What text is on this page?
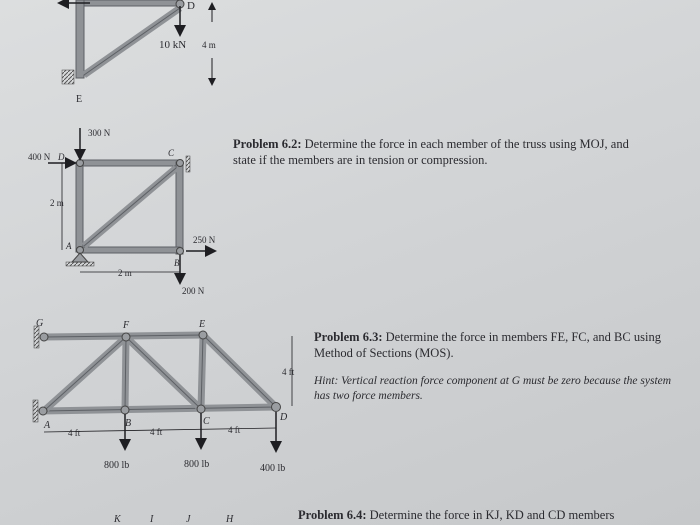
D
10 kN 4 m
E
300 N
400 N D	C
2 m
A
250 N
B
2 m
200 N
G	F	E
A	B	C	D
4 ft	4 ft	4 ft
4 ft
800 lb	800 lb	400 lb
K	I	J	H
Problem 6.2: Determine the force in each member of the truss using MOJ, and state if the members are in tension or compression.
Problem 6.3: Determine the force in members FE, FC, and BC using Method of Sections (MOS).
Hint: Vertical reaction force component at G must be zero because the system has two force members.
Problem 6.4: Determine the force in KJ, KD and CD members
